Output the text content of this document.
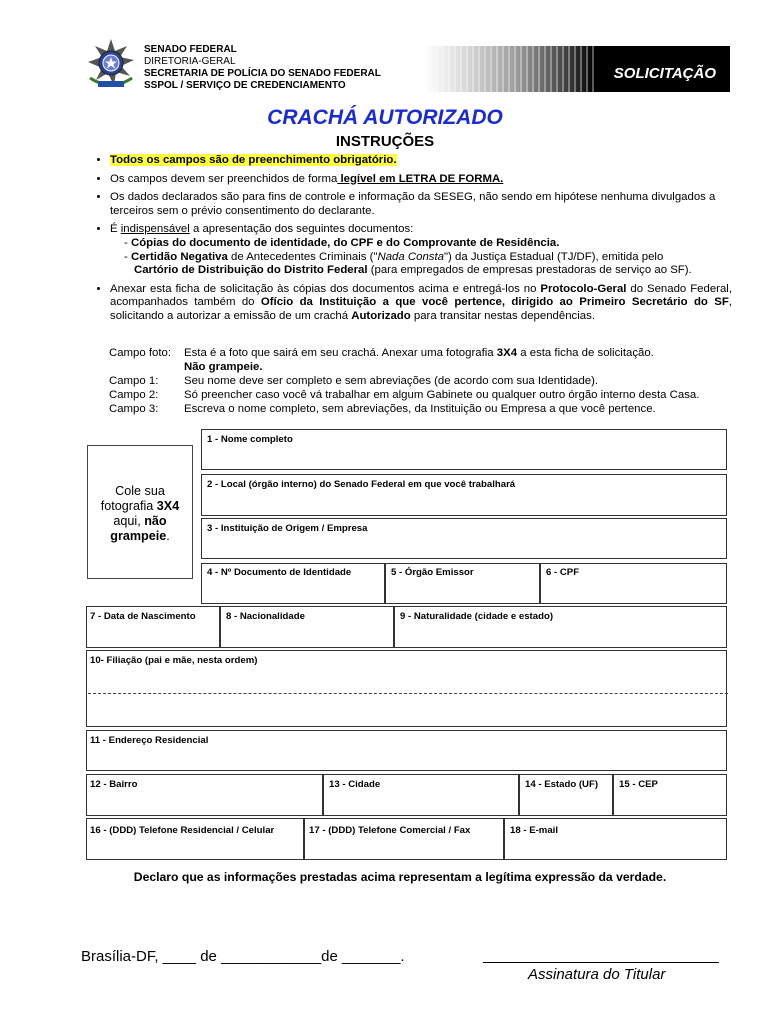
SENADO FEDERAL
DIRETORIA-GERAL
SECRETARIA DE POLÍCIA DO SENADO FEDERAL
SSPOL / SERVIÇO DE CREDENCIAMENTO
SOLICITAÇÃO
CRACHÁ AUTORIZADO
INSTRUÇÕES
• Todos os campos são de preenchimento obrigatório.
• Os campos devem ser preenchidos de forma legível em LETRA DE FORMA.
• Os dados declarados são para fins de controle e informação da SESEG, não sendo em hipótese nenhuma divulgados a terceiros sem o prévio consentimento do declarante.
• É indispensável a apresentação dos seguintes documentos:
- Cópias do documento de identidade, do CPF e do Comprovante de Residência.
- Certidão Negativa de Antecedentes Criminais ("Nada Consta") da Justiça Estadual (TJ/DF), emitida pelo
Cartório de Distribuição do Distrito Federal (para empregados de empresas prestadoras de serviço ao SF).
• Anexar esta ficha de solicitação às cópias dos documentos acima e entregá-los no Protocolo-Geral do Senado Federal, acompanhados também do Ofício da Instituição a que você pertence, dirigido ao Primeiro Secretário do SF, solicitando a autorizar a emissão de um crachá Autorizado para transitar nestas dependências.
Campo foto:	Esta é a foto que sairá em seu crachá. Anexar uma fotografia 3X4 a esta ficha de solicitação.
Não grampeie.
Campo 1:	Seu nome deve ser completo e sem abreviações (de acordo com sua Identidade).
Campo 2:	Só preencher caso você vá trabalhar em algum Gabinete ou qualquer outro órgão interno desta Casa.
Campo 3:	Escreva o nome completo, sem abreviações, da Instituição ou Empresa a que você pertence.
Cole sua
fotografia 3X4
aqui, não
grampeie.
1 - Nome completo
2 - Local (órgão interno) do Senado Federal em que você trabalhará
3 - Instituição de Origem / Empresa
4 - Nº Documento de Identidade	5 - Órgão Emissor	6 - CPF
7 - Data de Nascimento	8 - Nacionalidade	9 - Naturalidade (cidade e estado)
10- Filiação (pai e mãe, nesta ordem)
11 - Endereço Residencial
12 - Bairro	13 - Cidade	14 - Estado (UF) 15 - CEP
16 - (DDD) Telefone Residencial / Celular	17 - (DDD) Telefone Comercial / Fax	18 - E-mail
Declaro que as informações prestadas acima representam a legítima expressão da verdade.
Brasília-DF, ____ de ____________de _______.
Assinatura do Titular
